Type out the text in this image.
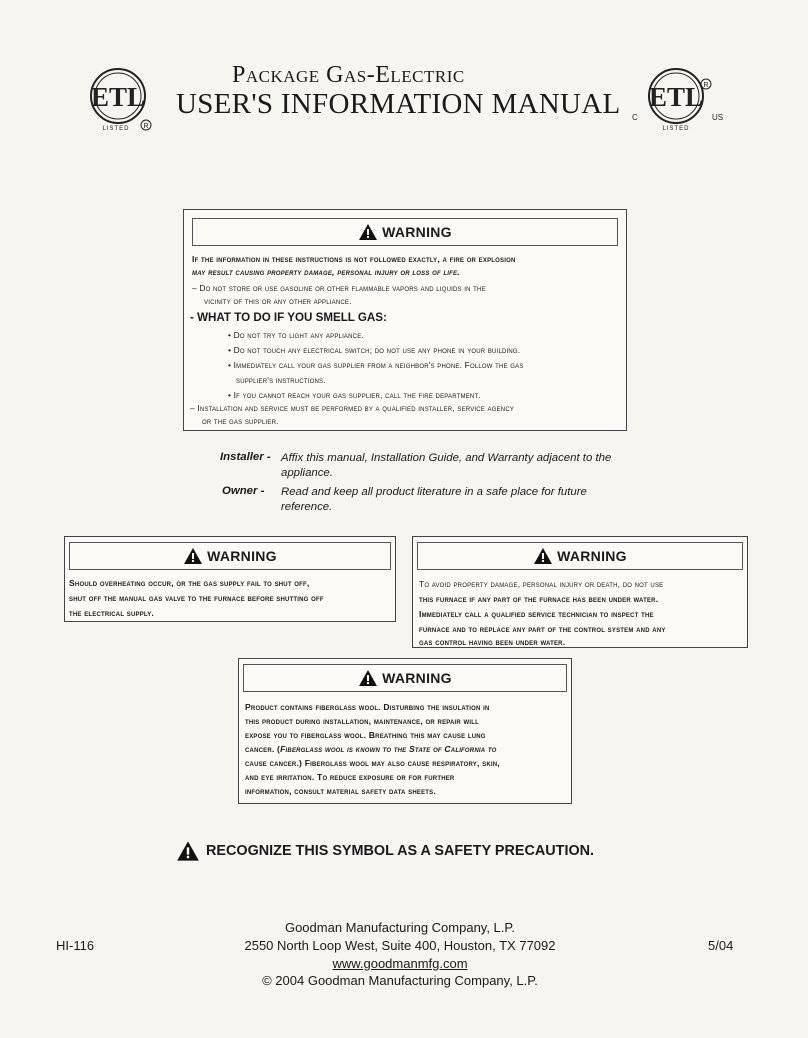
ETL
LISTED R
Package Gas-Electric
USER'S INFORMATION MANUAL	ETL
LISTED
C	US
R
WARNING
If the information in these instructions is not followed exactly, a fire or explosion
may result causing property damage, personal injury or loss of life.
– Do not store or use gasoline or other flammable vapors and liquids in the
vicinity of this or any other appliance.
- WHAT TO DO IF YOU SMELL GAS:
• Do not try to light any appliance.
• Do not touch any electrical switch; do not use any phone in your building.
• Immediately call your gas supplier from a neighbor's phone. Follow the gas
supplier's instructions.
• If you cannot reach your gas supplier, call the fire department.
– Installation and service must be performed by a qualified installer, service agency
or the gas supplier.
Installer - Affix this manual, Installation Guide, and Warranty adjacent to the
appliance.
Owner -	Read and keep all product literature in a safe place for future
reference.
WARNING
Should overheating occur, or the gas supply fail to shut off,
shut off the manual gas valve to the furnace before shutting off
the electrical supply.
WARNING
To avoid property damage, personal injury or death, do not use
this furnace if any part of the furnace has been under water.
Immediately call a qualified service technician to inspect the
furnace and to replace any part of the control system and any
gas control having been under water.
WARNING
Product contains fiberglass wool. Disturbing the insulation in
this product during installation, maintenance, or repair will
expose you to fiberglass wool. Breathing this may cause lung
cancer. (Fiberglass wool is known to the State of California to
cause cancer.) Fiberglass wool may also cause respiratory, skin,
and eye irritation. To reduce exposure or for further
information, consult material safety data sheets.
RECOGNIZE THIS SYMBOL AS A SAFETY PRECAUTION.
Goodman Manufacturing Company, L.P.
2550 North Loop West, Suite 400, Houston, TX 77092
www.goodmanmfg.com
© 2004 Goodman Manufacturing Company, L.P.
HI-116	5/04
